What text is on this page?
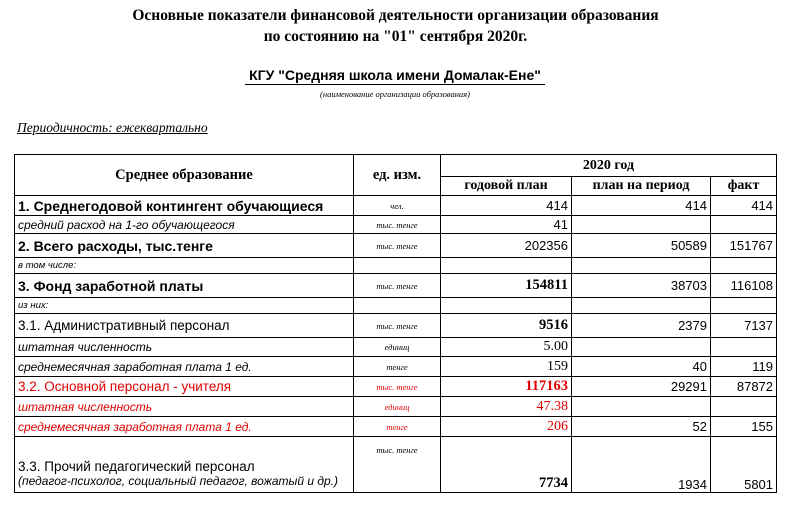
Основные показатели финансовой деятельности организации образования
по состоянию на "01" сентября 2020г.
КГУ "Средняя школа имени Домалак-Ене"
(наименование организации образования)
Периодичность: ежеквартально
Среднее образование	ед. изм.	2020 год		
		годовой план	план на период	факт
1. Среднегодовой контингент обучающиеся	чел.	414	414	414
средний расход на 1-го обучающегося	тыс. тенге	41		
2. Всего расходы, тыс.тенге	тыс. тенге	202356	50589	151767
в том числе:				
3. Фонд заработной платы	тыс. тенге	154811	38703	116108
из них:				
3.1. Административный персонал	тыс. тенге	9516	2379	7137
штатная численность	единиц	5.00		
среднемесячная заработная плата 1 ед.	тенге	159	40	119
3.2. Основной персонал - учителя	тыс. тенге	117163	29291	87872
штатная численность	единиц	47.38		
среднемесячная заработная плата 1 ед.	тенге	206	52	155
3.3. Прочий педагогический персонал
(педагог-психолог, социальный педагог, вожатый и др.)	тыс. тенге	7734	1934	5801
